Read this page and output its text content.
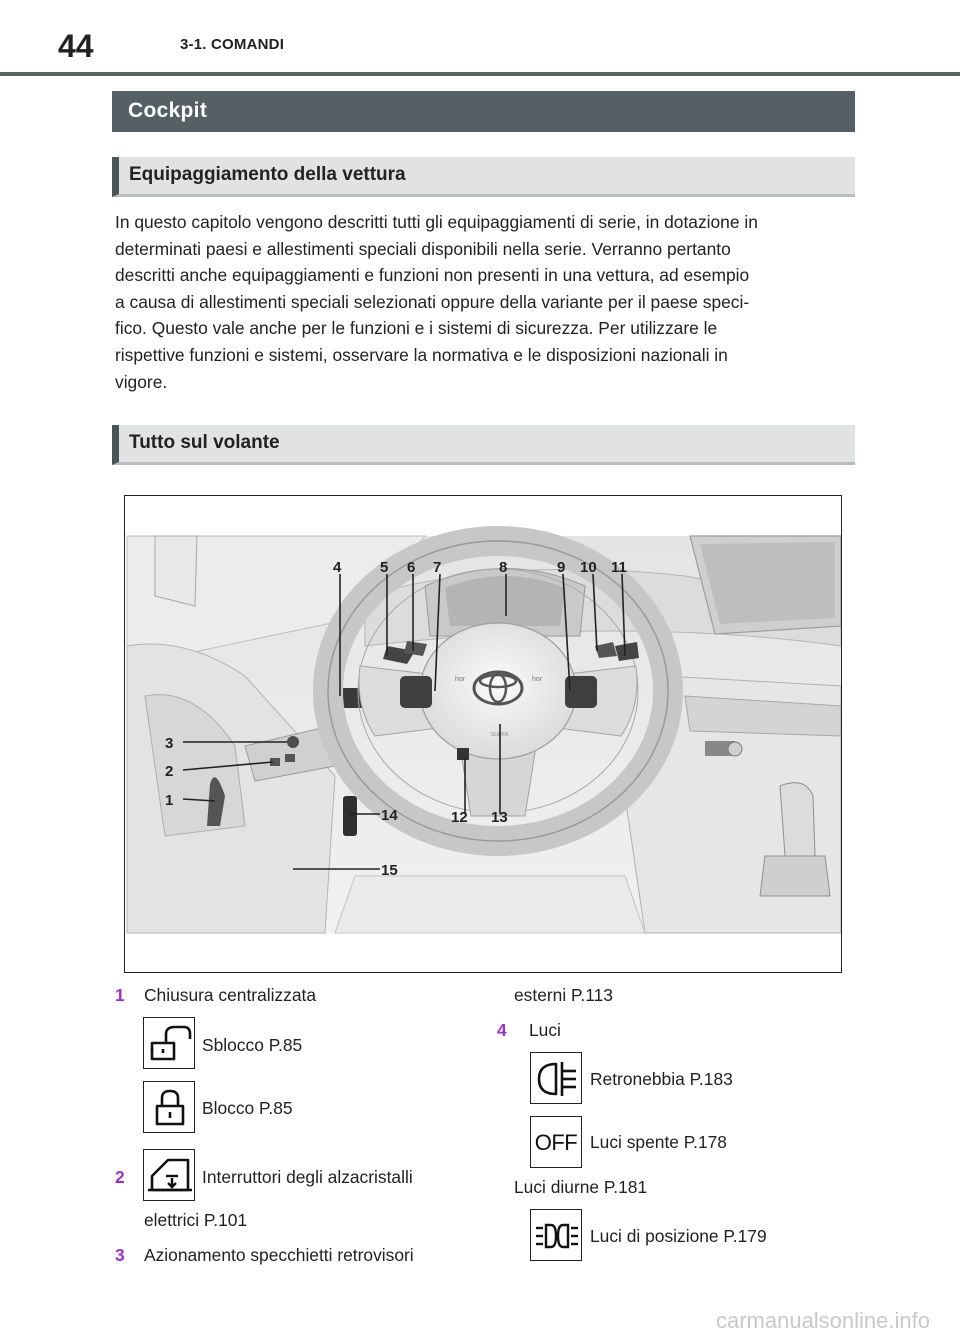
44	3-1. COMANDI
Cockpit
Equipaggiamento della vettura
In questo capitolo vengono descritti tutti gli equipaggiamenti di serie, in dotazione in
determinati paesi e allestimenti speciali disponibili nella serie. Verranno pertanto
descritti anche equipaggiamenti e funzioni non presenti in una vettura, ad esempio
a causa di allestimenti speciali selezionati oppure della variante per il paese speci-
fico. Questo vale anche per le funzioni e i sistemi di sicurezza. Per utilizzare le
rispettive funzioni e sistemi, osservare la normativa e le disposizioni nazionali in
vigore.
Tutto sul volante
hor	hor
SUPRA
4	5 6 7	8	9 10 11
3
2
1
12 13
14
15
1 Chiusura centralizzata
Sblocco P.85
Blocco P.85
2	Interruttori degli alzacristalli
elettrici P.101
3 Azionamento specchietti retrovisori
esterni P.113
4 Luci
Retronebbia P.183
OFF Luci spente P.178
Luci diurne P.181
Luci di posizione P.179
carmanualsonline.info
